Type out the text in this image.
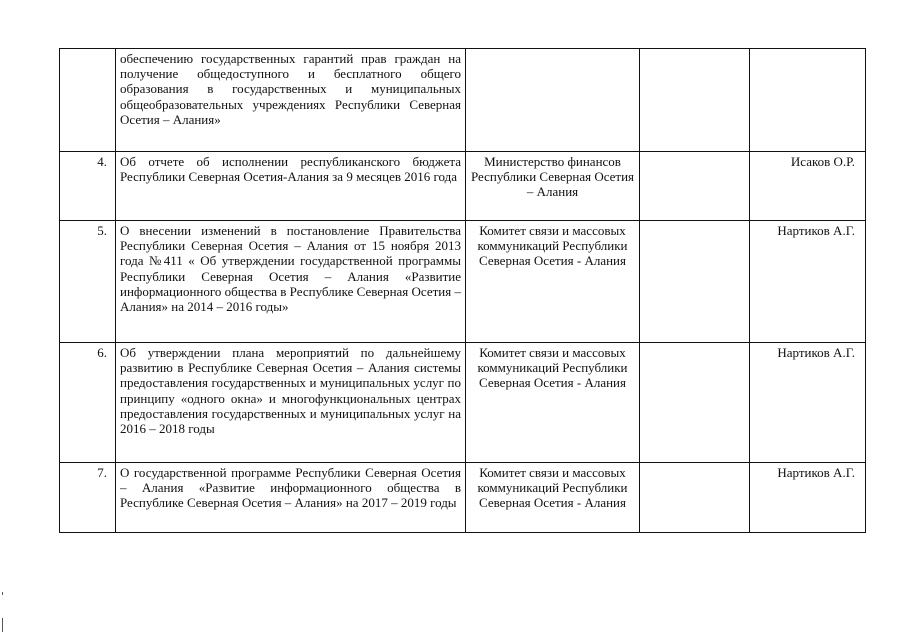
	обеспечению государственных гарантий прав граждан на получение общедоступного и бесплатного общего образования в государственных и муниципальных общеобразовательных учреждениях Республики Северная Осетия – Алания»			
4.	Об отчете об исполнении республиканского бюджета Республики Северная Осетия-Алания за 9 месяцев 2016 года	Министерство финансов Республики Северная Осетия – Алания		Исаков О.Р.
5.	О внесении изменений в постановление Правительства Республики Северная Осетия – Алания от 15 ноября 2013 года №411 « Об утверждении государственной программы Республики Северная Осетия – Алания «Развитие информационного общества в Республике Северная Осетия – Алания» на 2014 – 2016 годы»	Комитет связи и массовых коммуникаций Республики Северная Осетия - Алания		Нартиков А.Г.
6.	Об утверждении плана мероприятий по дальнейшему развитию в Республике Северная Осетия – Алания системы предоставления государственных и муниципальных услуг по принципу «одного окна» и многофункциональных центрах предоставления государственных и муниципальных услуг на 2016 – 2018 годы	Комитет связи и массовых коммуникаций Республики Северная Осетия - Алания		Нартиков А.Г.
7.	О государственной программе Республики Северная Осетия – Алания «Развитие информационного общества в Республике Северная Осетия – Алания» на 2017 – 2019 годы	Комитет связи и массовых коммуникаций Республики Северная Осетия - Алания		Нартиков А.Г.
